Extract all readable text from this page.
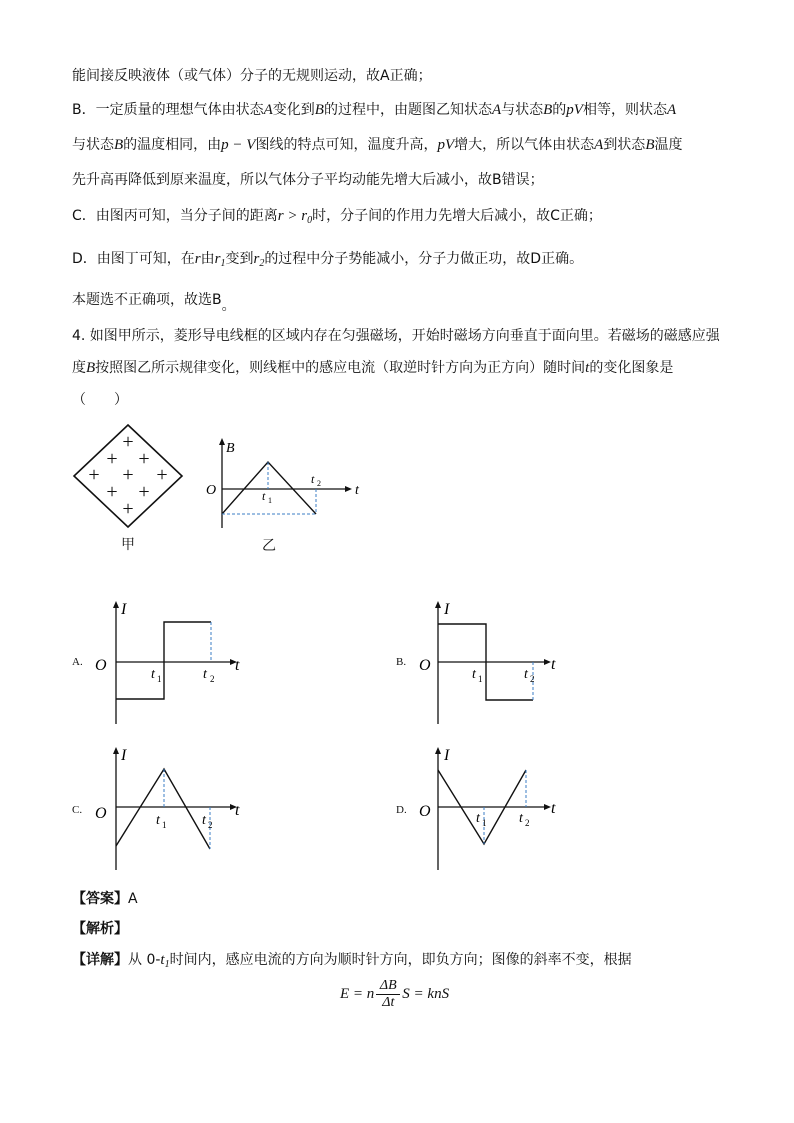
能间接反映液体（或气体）分子的无规则运动，故A正确；
B．一定质量的理想气体由状态A变化到B的过程中，由题图乙知状态A与状态B的pV相等，则状态A
与状态B的温度相同，由p − V图线的特点可知，温度升高，pV增大，所以气体由状态A到状态B温度
先升高再降低到原来温度，所以气体分子平均动能先增大后减小，故B错误；
C．由图丙可知，当分子间的距离$r > r_0$时，分子间的作用力先增大后减小，故C正确；
D．由图丁可知，在r由$r_1$变到$r_2$的过程中分子势能减小，分子力做正功，故D正确。
本题选不正确项，故选B。
4. 如图甲所示，菱形导电线框的区域内存在匀强磁场，开始时磁场方向垂直于面向里。若磁场的磁感应强
度B按照图乙所示规律变化，则线框中的感应电流（取逆时针方向为正方向）随时间t的变化图象是
（　　）
+
+ +
+ + +
+ +
+
甲
B
O	t
t 1
t 2
乙
A.
I
O	t
t 1	t 2
B.
I
O	t
t 1	t 2
C.
I
O	t
t 1	t 2
D.
I
O	t
t 1 t 2
【答案】A
【解析】
【详解】从 $0-t_1$时间内，感应电流的方向为顺时针方向，即负方向；图像的斜率不变，根据
E = n
ΔB
Δt
S = knS
